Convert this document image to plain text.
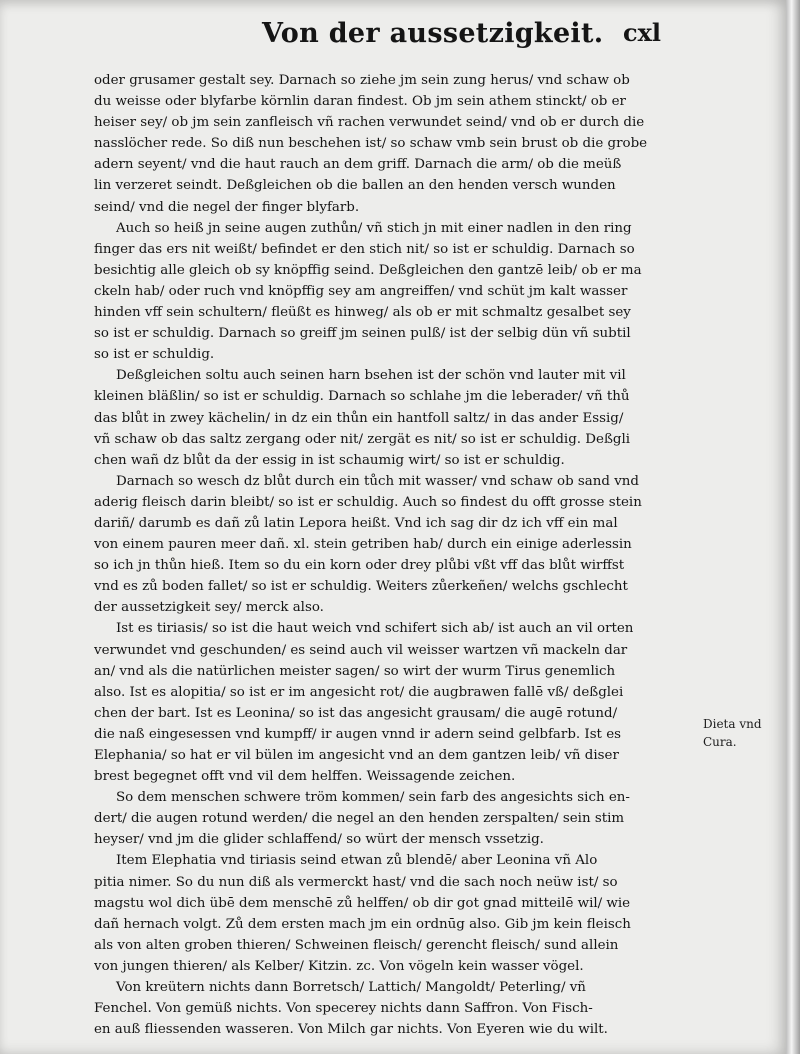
Von der aussetzigkeit. cxl
oder grusamer gestalt sey. Darnach so ziehe jm sein zung herus/ vnd schaw ob
du weisse oder blyfarbe körnlin daran findest. Ob jm sein athem stinckt/ ob er
heiser sey/ ob jm sein zanfleisch vñ rachen verwundet seind/ vnd ob er durch die
nasslöcher rede. So diß nun beschehen ist/ so schaw vmb sein brust ob die grobe
adern seyent/ vnd die haut rauch an dem griff. Darnach die arm/ ob die meüß
lin verzeret seindt. Deßgleichen ob die ballen an den henden versch wunden
seind/ vnd die negel der finger blyfarb.
Auch so heiß jn seine augen zuthůn/ vñ stich jn mit einer nadlen in den ring
finger das ers nit weißt/ befindet er den stich nit/ so ist er schuldig. Darnach so
besichtig alle gleich ob sy knöpffig seind. Deßgleichen den gantzē leib/ ob er ma
ckeln hab/ oder ruch vnd knöpffig sey am angreiffen/ vnd schüt jm kalt wasser
hinden vff sein schultern/ fleüßt es hinweg/ als ob er mit schmaltz gesalbet sey
so ist er schuldig. Darnach so greiff jm seinen pulß/ ist der selbig dün vñ subtil
so ist er schuldig.
Deßgleichen soltu auch seinen harn bsehen ist der schön vnd lauter mit vil
kleinen bläßlin/ so ist er schuldig. Darnach so schlahe jm die leberader/ vñ thů
das blůt in zwey kächelin/ in dz ein thůn ein hantfoll saltz/ in das ander Essig/
vñ schaw ob das saltz zergang oder nit/ zergät es nit/ so ist er schuldig. Deßgli
chen wañ dz blůt da der essig in ist schaumig wirt/ so ist er schuldig.
Darnach so wesch dz blůt durch ein tůch mit wasser/ vnd schaw ob sand vnd
aderig fleisch darin bleibt/ so ist er schuldig. Auch so findest du offt grosse stein
dariñ/ darumb es dañ zů latin Lepora heißt. Vnd ich sag dir dz ich vff ein mal
von einem pauren meer dañ. xl. stein getriben hab/ durch ein einige aderlessin
so ich jn thůn hieß. Item so du ein korn oder drey plůbi vßt vff das blůt wirffst
vnd es zů boden fallet/ so ist er schuldig. Weiters zůerkeñen/ welchs gschlecht
der aussetzigkeit sey/ merck also.
Ist es tiriasis/ so ist die haut weich vnd schifert sich ab/ ist auch an vil orten
verwundet vnd geschunden/ es seind auch vil weisser wartzen vñ mackeln dar
an/ vnd als die natürlichen meister sagen/ so wirt der wurm Tirus genemlich
also. Ist es alopitia/ so ist er im angesicht rot/ die augbrawen fallē vß/ deßglei
chen der bart. Ist es Leonina/ so ist das angesicht grausam/ die augē rotund/
die naß eingesessen vnd kumpff/ ir augen vnnd ir adern seind gelbfarb. Ist es
Elephania/ so hat er vil bülen im angesicht vnd an dem gantzen leib/ vñ diser
brest begegnet offt vnd vil dem helffen. Weissagende zeichen.
So dem menschen schwere tröm kommen/ sein farb des angesichts sich en-
dert/ die augen rotund werden/ die negel an den henden zerspalten/ sein stim
heyser/ vnd jm die glider schlaffend/ so würt der mensch vssetzig.
Item Elephatia vnd tiriasis seind etwan zů blendē/ aber Leonina vñ Alo
pitia nimer. So du nun diß als vermerckt hast/ vnd die sach noch neüw ist/ so
magstu wol dich übē dem menschē zů helffen/ ob dir got gnad mitteilē wil/ wie
dañ hernach volgt. Zů dem ersten mach jm ein ordnūg also. Gib jm kein fleisch
als von alten groben thieren/ Schweinen fleisch/ gerencht fleisch/ sund allein
von jungen thieren/ als Kelber/ Kitzin. zc. Von vögeln kein wasser vögel.
Von kreütern nichts dann Borretsch/ Lattich/ Mangoldt/ Peterling/ vñ
Fenchel. Von gemüß nichts. Von specerey nichts dann Saffron. Von Fisch-
en auß fliessenden wasseren. Von Milch gar nichts. Von Eyeren wie du wilt.
Dieta vnd
Cura.
